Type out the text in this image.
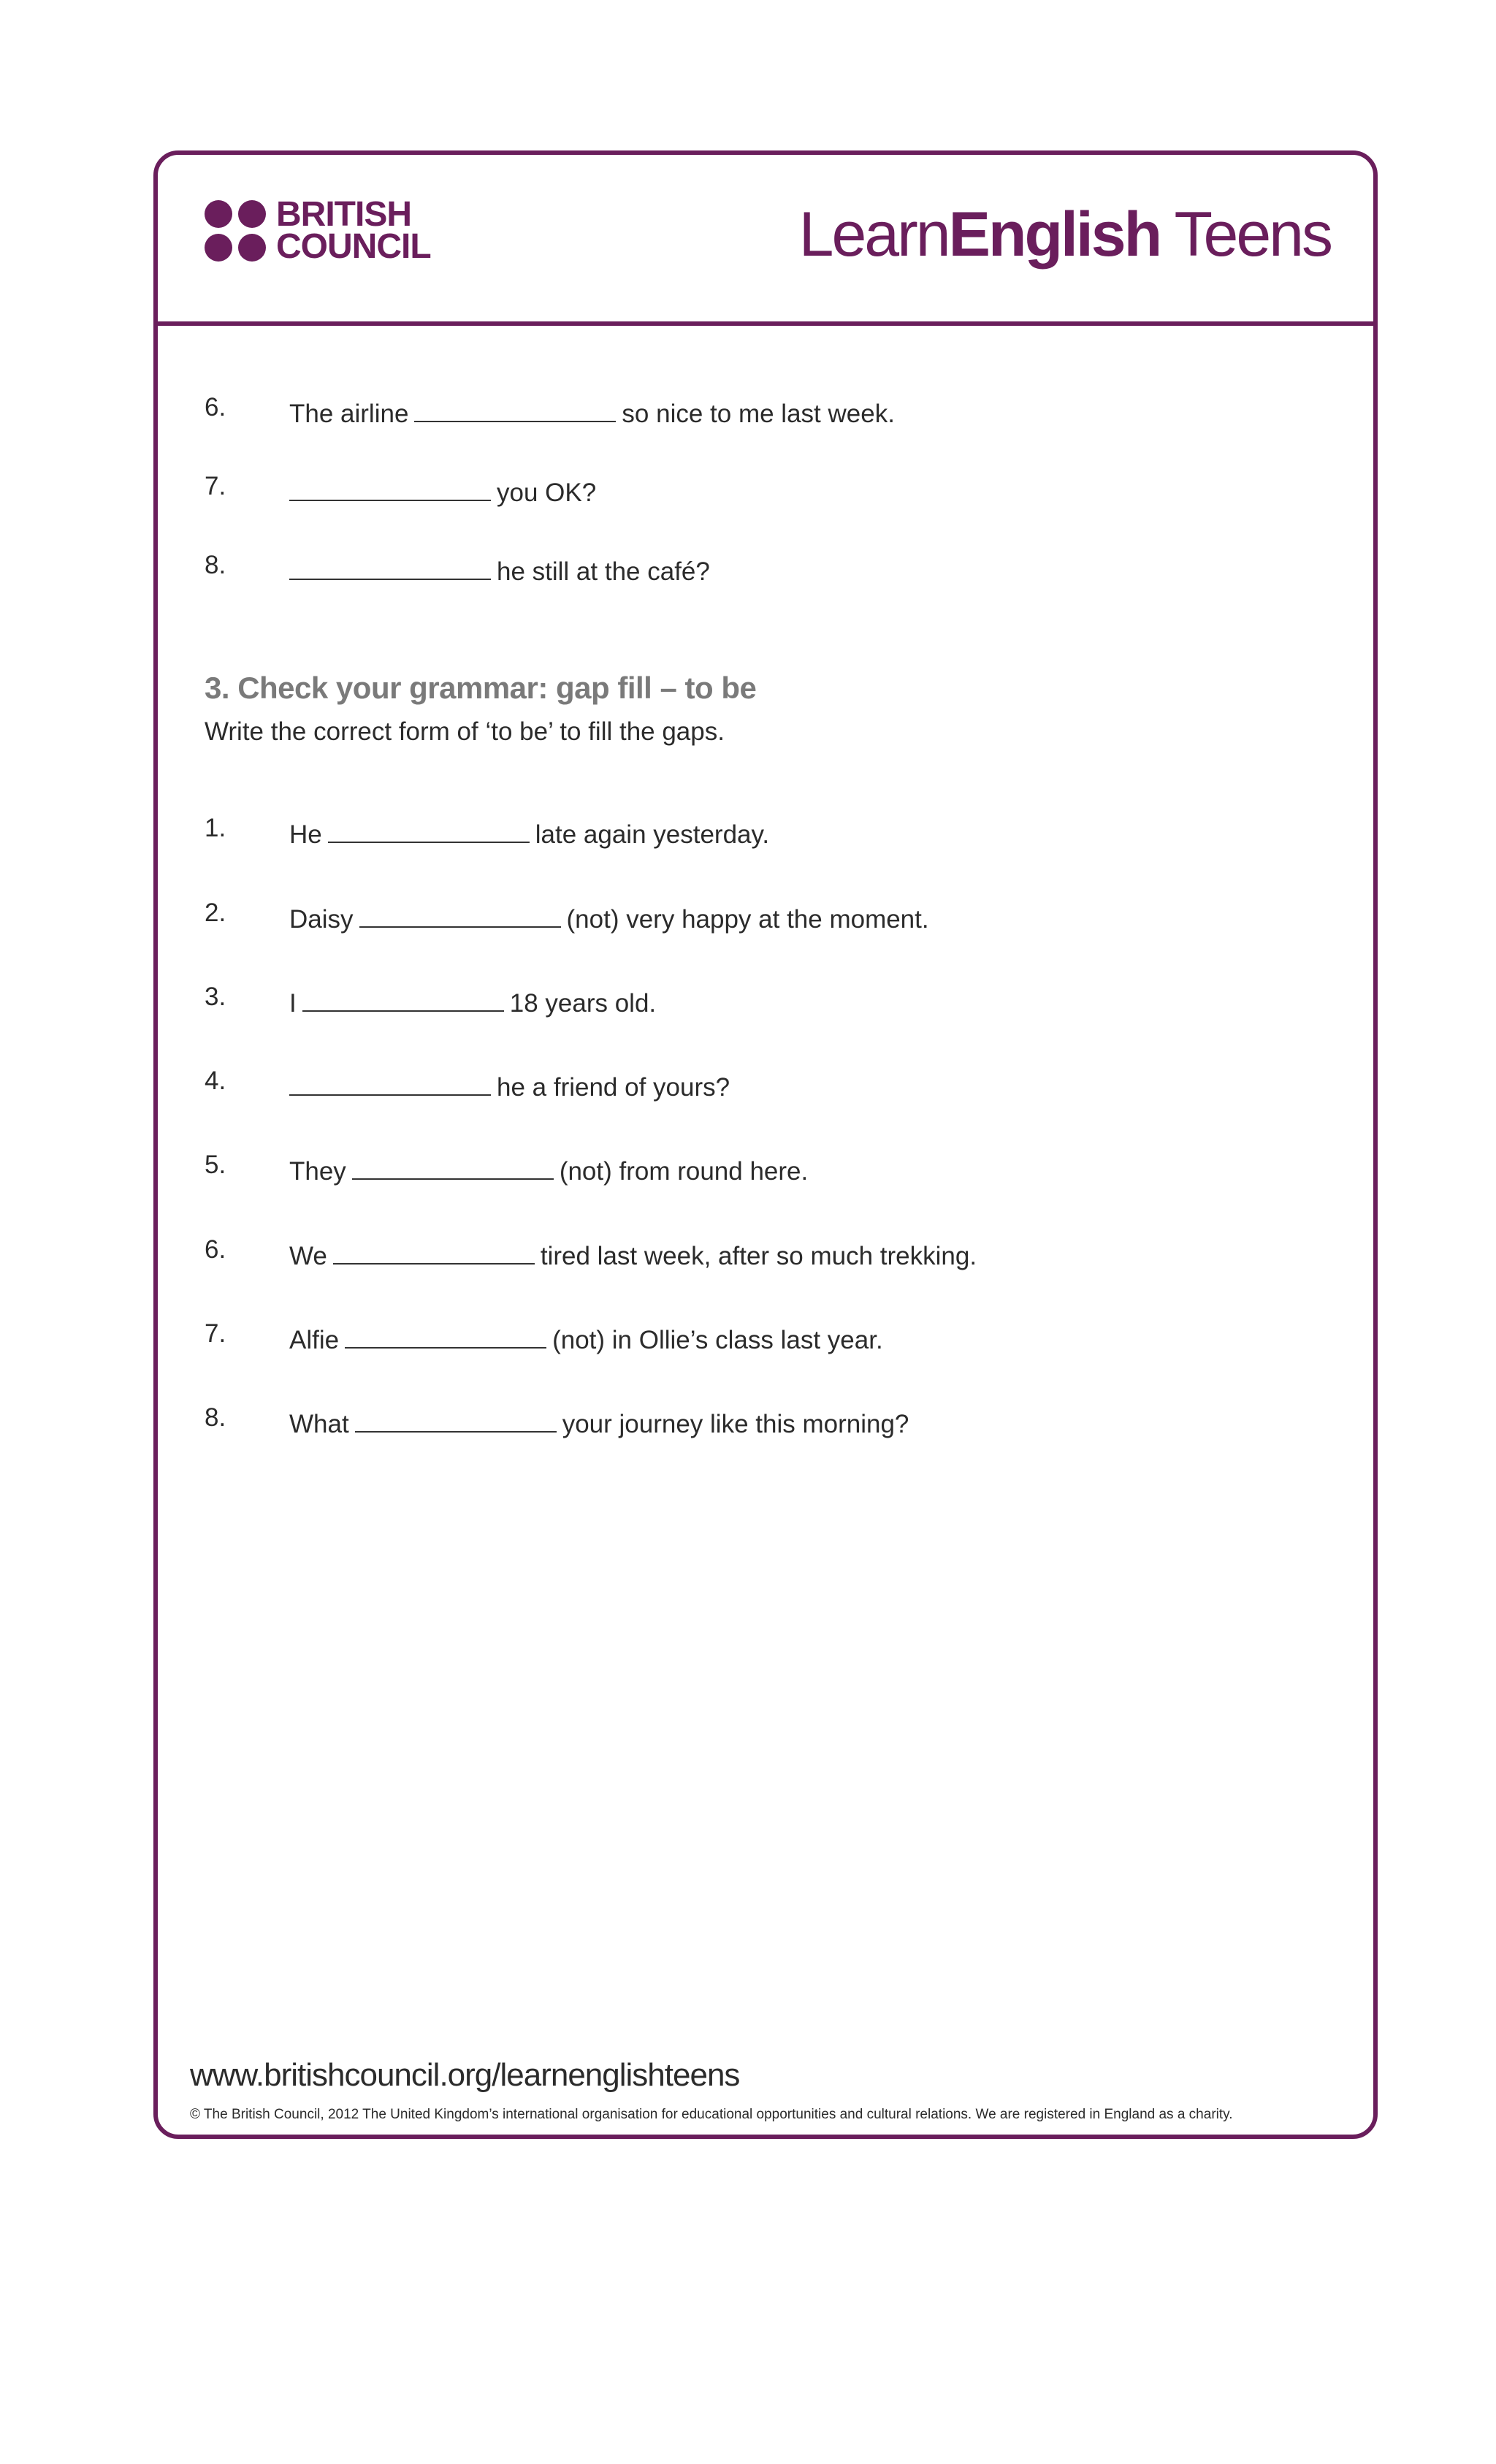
BRITISH
COUNCIL	LearnEnglish Teens
6. The airline	so nice to me last week.
7.	you OK?
8.	he still at the café?
3. Check your grammar: gap fill – to be
Write the correct form of ‘to be’ to fill the gaps.
1. He	late again yesterday.
2. Daisy	(not) very happy at the moment.
3. I	18 years old.
4.	he a friend of yours?
5. They	(not) from round here.
6. We	tired last week, after so much trekking.
7. Alfie	(not) in Ollie’s class last year.
8. What	your journey like this morning?
www.britishcouncil.org/learnenglishteens
© The British Council, 2012 The United Kingdom’s international organisation for educational opportunities and cultural relations. We are registered in England as a charity.
